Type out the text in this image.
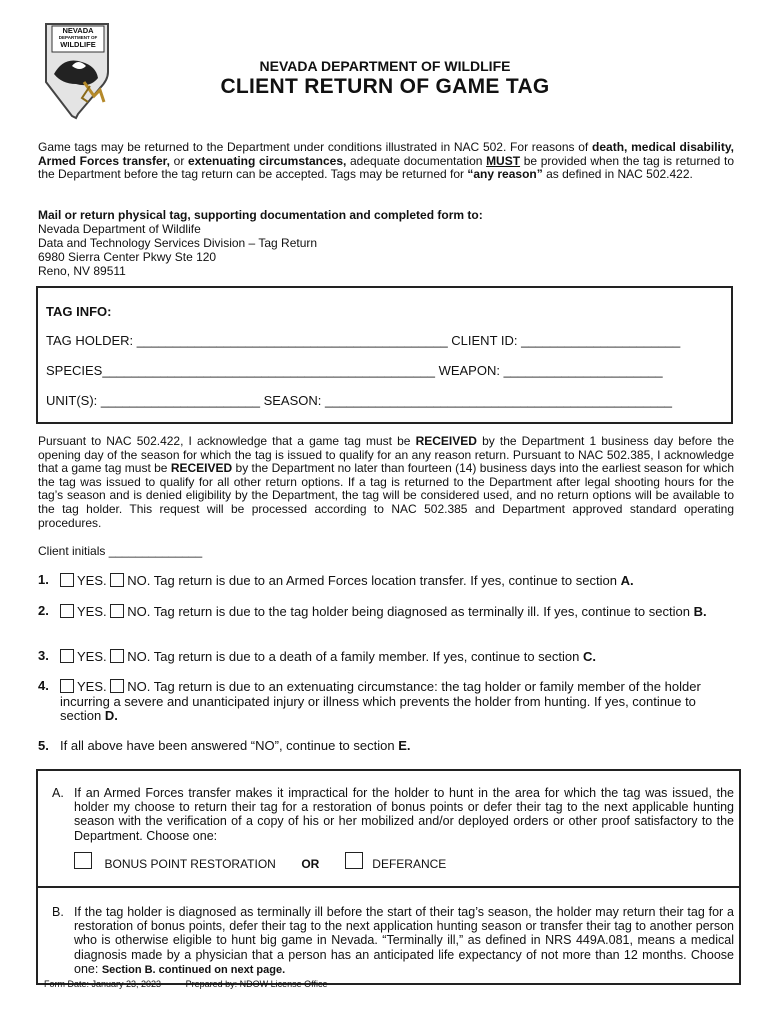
NEVADA
DEPARTMENT OF
WILDLIFE
NEVADA DEPARTMENT OF WILDLIFE
CLIENT RETURN OF GAME TAG
Game tags may be returned to the Department under conditions illustrated in NAC 502. For reasons of death, medical disability, Armed Forces transfer, or extenuating circumstances, adequate documentation MUST be provided when the tag is returned to the Department before the tag return can be accepted. Tags may be returned for “any reason” as defined in NAC 502.422.
Mail or return physical tag, supporting documentation and completed form to:
Nevada Department of Wildlife
Data and Technology Services Division – Tag Return
6980 Sierra Center Pkwy Ste 120
Reno, NV 89511
TAG INFO:
TAG HOLDER: ___________________________________________ CLIENT ID: ______________________
SPECIES______________________________________________ WEAPON: ______________________
UNIT(S): ______________________ SEASON: ________________________________________________
Pursuant to NAC 502.422, I acknowledge that a game tag must be RECEIVED by the Department 1 business day before the opening day of the season for which the tag is issued to qualify for an any reason return. Pursuant to NAC 502.385, I acknowledge that a game tag must be RECEIVED by the Department no later than fourteen (14) business days into the earliest season for which the tag was issued to qualify for all other return options. If a tag is returned to the Department after legal shooting hours for the tag’s season and is denied eligibility by the Department, the tag will be considered used, and no return options will be available to the tag holder. This request will be processed according to NAC 502.385 and Department approved standard operating procedures.
Client initials ______________
1.	YES. NO. Tag return is due to an Armed Forces location transfer. If yes, continue to section A.
2.	YES. NO. Tag return is due to the tag holder being diagnosed as terminally ill. If yes, continue to section B.
3.	YES. NO. Tag return is due to a death of a family member. If yes, continue to section C.
4.	YES. NO. Tag return is due to an extenuating circumstance: the tag holder or family member of the holder incurring a severe and unanticipated injury or illness which prevents the holder from hunting. If yes, continue to section D.
5. If all above have been answered “NO”, continue to section E.
A. If an Armed Forces transfer makes it impractical for the holder to hunt in the area for which the tag was issued, the holder my choose to return their tag for a restoration of bonus points or defer their tag to the next applicable hunting season with the verification of a copy of his or her mobilized and/or deployed orders or other proof satisfactory to the Department. Choose one:
BONUS POINT RESTORATION OR	DEFERANCE
B. If the tag holder is diagnosed as terminally ill before the start of their tag’s season, the holder may return their tag for a restoration of bonus points, defer their tag to the next application hunting season or transfer their tag to another person who is otherwise eligible to hunt big game in Nevada. “Terminally ill,” as defined in NRS 449A.081, means a medical diagnosis made by a physician that a person has an anticipated life expectancy of not more than 12 months. Choose one: Section B. continued on next page.
Form Date: January 23, 2023	Prepared by: NDOW License Office
